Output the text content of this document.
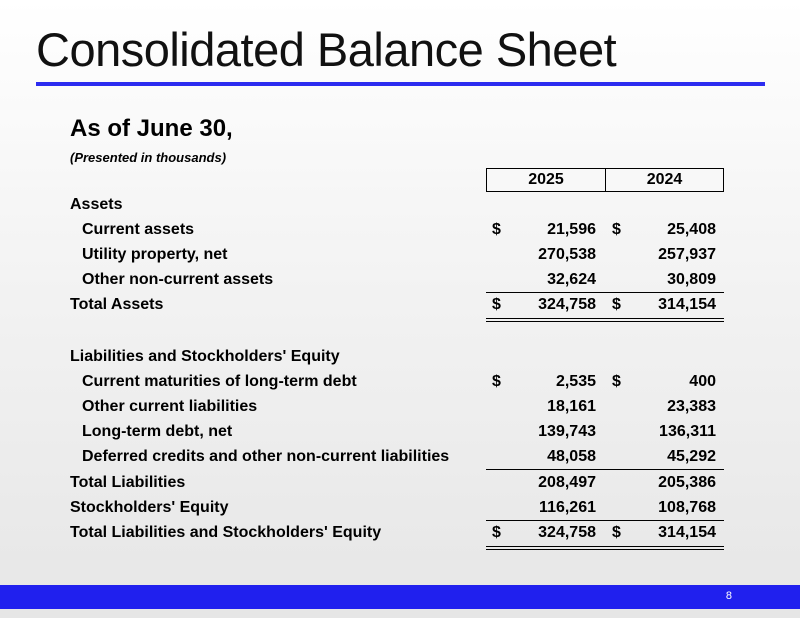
Consolidated Balance Sheet
As of June 30,
(Presented in thousands)
2025	2024
Assets
Current assets	$	21,596 $	25,408
Utility property, net	270,538	257,937
Other non-current assets	32,624	30,809
Total Assets	$	324,758 $	314,154
Liabilities and Stockholders' Equity
Current maturities of long-term debt	$	2,535 $	400
Other current liabilities	18,161	23,383
Long-term debt, net	139,743	136,311
Deferred credits and other non-current liabilities	48,058	45,292
Total Liabilities	208,497	205,386
Stockholders' Equity	116,261	108,768
Total Liabilities and Stockholders' Equity	$	324,758 $	314,154
8
